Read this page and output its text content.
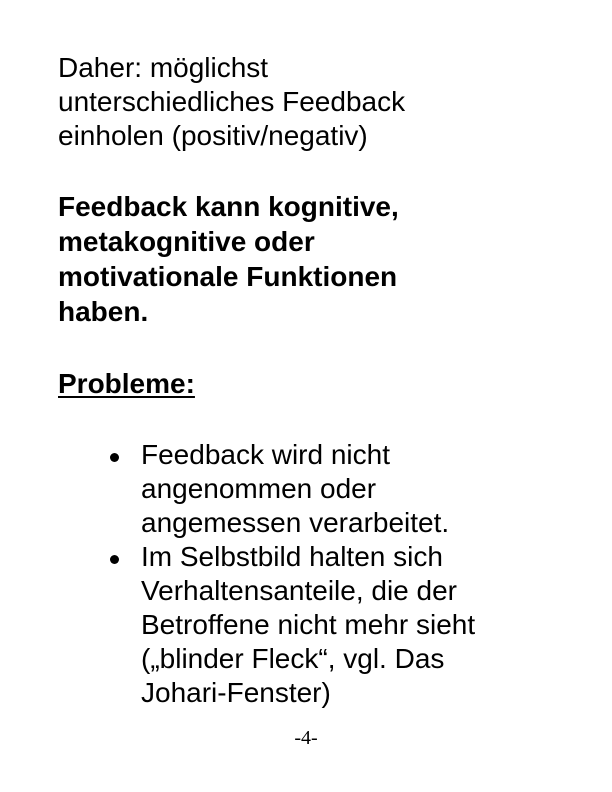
Daher: möglichst
unterschiedliches Feedback
einholen (positiv/negativ)
Feedback kann kognitive,
metakognitive oder
motivationale Funktionen
haben.
Probleme:
Feedback wird nicht
angenommen oder
angemessen verarbeitet.
Im Selbstbild halten sich
Verhaltensanteile, die der
Betroffene nicht mehr sieht
(„blinder Fleck“, vgl. Das
Johari-Fenster)
-4-
